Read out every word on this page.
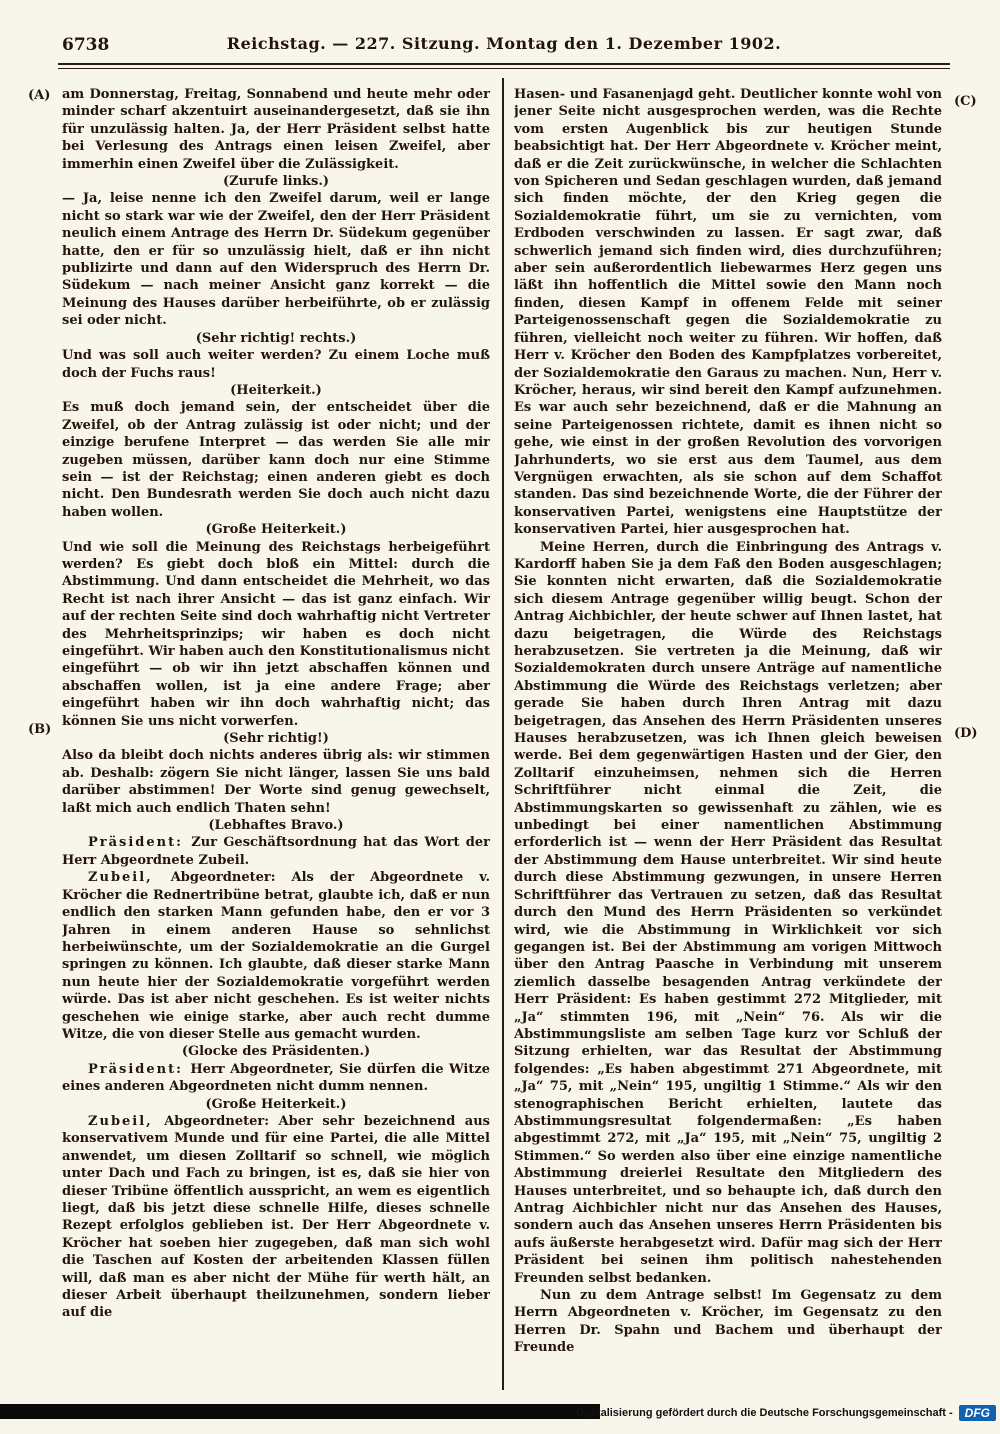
6738	Reichstag. — 227. Sitzung. Montag den 1. Dezember 1902.
(A)
(B)
(C)
(D)

am Donnerstag, Freitag, Sonnabend und heute mehr oder minder scharf akzentuirt auseinandergesetzt, daß sie ihn für unzulässig halten. Ja, der Herr Präsident selbst hatte bei Verlesung des Antrags einen leisen Zweifel, aber immerhin einen Zweifel über die Zulässigkeit.

(Zurufe links.)

— Ja, leise nenne ich den Zweifel darum, weil er lange nicht so stark war wie der Zweifel, den der Herr Präsident neulich einem Antrage des Herrn Dr. Südekum gegenüber hatte, den er für so unzulässig hielt, daß er ihn nicht publizirte und dann auf den Widerspruch des Herrn Dr. Südekum — nach meiner Ansicht ganz korrekt — die Meinung des Hauses darüber herbeiführte, ob er zulässig sei oder nicht.

(Sehr richtig! rechts.)

Und was soll auch weiter werden? Zu einem Loche muß doch der Fuchs raus!

(Heiterkeit.)

Es muß doch jemand sein, der entscheidet über die Zweifel, ob der Antrag zulässig ist oder nicht; und der einzige berufene Interpret — das werden Sie alle mir zugeben müssen, darüber kann doch nur eine Stimme sein — ist der Reichstag; einen anderen giebt es doch nicht. Den Bundesrath werden Sie doch auch nicht dazu haben wollen.

(Große Heiterkeit.)

Und wie soll die Meinung des Reichstags herbeigeführt werden? Es giebt doch bloß ein Mittel: durch die Abstimmung. Und dann entscheidet die Mehrheit, wo das Recht ist nach ihrer Ansicht — das ist ganz einfach. Wir auf der rechten Seite sind doch wahrhaftig nicht Vertreter des Mehrheitsprinzips; wir haben es doch nicht eingeführt. Wir haben auch den Konstitutionalismus nicht eingeführt — ob wir ihn jetzt abschaffen können und abschaffen wollen, ist ja eine andere Frage; aber eingeführt haben wir ihn doch wahrhaftig nicht; das können Sie uns nicht vorwerfen.

(Sehr richtig!)

Also da bleibt doch nichts anderes übrig als: wir stimmen ab. Deshalb: zögern Sie nicht länger, lassen Sie uns bald darüber abstimmen! Der Worte sind genug gewechselt, laßt mich auch endlich Thaten sehn!

(Lebhaftes Bravo.)

Präsident: Zur Geschäftsordnung hat das Wort der Herr Abgeordnete Zubeil.

Zubeil, Abgeordneter: Als der Abgeordnete v. Kröcher die Rednertribüne betrat, glaubte ich, daß er nun endlich den starken Mann gefunden habe, den er vor 3 Jahren in einem anderen Hause so sehnlichst herbeiwünschte, um der Sozialdemokratie an die Gurgel springen zu können. Ich glaubte, daß dieser starke Mann nun heute hier der Sozialdemokratie vorgeführt werden würde. Das ist aber nicht geschehen. Es ist weiter nichts geschehen wie einige starke, aber auch recht dumme Witze, die von dieser Stelle aus gemacht wurden.

(Glocke des Präsidenten.)

Präsident: Herr Abgeordneter, Sie dürfen die Witze eines anderen Abgeordneten nicht dumm nennen.

(Große Heiterkeit.)

Zubeil, Abgeordneter: Aber sehr bezeichnend aus konservativem Munde und für eine Partei, die alle Mittel anwendet, um diesen Zolltarif so schnell, wie möglich unter Dach und Fach zu bringen, ist es, daß sie hier von dieser Tribüne öffentlich ausspricht, an wem es eigentlich liegt, daß bis jetzt diese schnelle Hilfe, dieses schnelle Rezept erfolglos geblieben ist. Der Herr Abgeordnete v. Kröcher hat soeben hier zugegeben, daß man sich wohl die Taschen auf Kosten der arbeitenden Klassen füllen will, daß man es aber nicht der Mühe für werth hält, an dieser Arbeit überhaupt theilzunehmen, sondern lieber auf die

Hasen- und Fasanenjagd geht. Deutlicher konnte wohl von jener Seite nicht ausgesprochen werden, was die Rechte vom ersten Augenblick bis zur heutigen Stunde beabsichtigt hat. Der Herr Abgeordnete v. Kröcher meint, daß er die Zeit zurückwünsche, in welcher die Schlachten von Spicheren und Sedan geschlagen wurden, daß jemand sich finden möchte, der den Krieg gegen die Sozialdemokratie führt, um sie zu vernichten, vom Erdboden verschwinden zu lassen. Er sagt zwar, daß schwerlich jemand sich finden wird, dies durchzuführen; aber sein außerordentlich liebewarmes Herz gegen uns läßt ihn hoffentlich die Mittel sowie den Mann noch finden, diesen Kampf in offenem Felde mit seiner Parteigenossenschaft gegen die Sozialdemokratie zu führen, vielleicht noch weiter zu führen. Wir hoffen, daß Herr v. Kröcher den Boden des Kampfplatzes vorbereitet, der Sozialdemokratie den Garaus zu machen. Nun, Herr v. Kröcher, heraus, wir sind bereit den Kampf aufzunehmen. Es war auch sehr bezeichnend, daß er die Mahnung an seine Parteigenossen richtete, damit es ihnen nicht so gehe, wie einst in der großen Revolution des vorvorigen Jahrhunderts, wo sie erst aus dem Taumel, aus dem Vergnügen erwachten, als sie schon auf dem Schaffot standen. Das sind bezeichnende Worte, die der Führer der konservativen Partei, wenigstens eine Hauptstütze der konservativen Partei, hier ausgesprochen hat.

Meine Herren, durch die Einbringung des Antrags v. Kardorff haben Sie ja dem Faß den Boden ausgeschlagen; Sie konnten nicht erwarten, daß die Sozialdemokratie sich diesem Antrage gegenüber willig beugt. Schon der Antrag Aichbichler, der heute schwer auf Ihnen lastet, hat dazu beigetragen, die Würde des Reichstags herabzusetzen. Sie vertreten ja die Meinung, daß wir Sozialdemokraten durch unsere Anträge auf namentliche Abstimmung die Würde des Reichstags verletzen; aber gerade Sie haben durch Ihren Antrag mit dazu beigetragen, das Ansehen des Herrn Präsidenten unseres Hauses herabzusetzen, was ich Ihnen gleich beweisen werde. Bei dem gegenwärtigen Hasten und der Gier, den Zolltarif einzuheimsen, nehmen sich die Herren Schriftführer nicht einmal die Zeit, die Abstimmungskarten so gewissenhaft zu zählen, wie es unbedingt bei einer namentlichen Abstimmung erforderlich ist — wenn der Herr Präsident das Resultat der Abstimmung dem Hause unterbreitet. Wir sind heute durch diese Abstimmung gezwungen, in unsere Herren Schriftführer das Vertrauen zu setzen, daß das Resultat durch den Mund des Herrn Präsidenten so verkündet wird, wie die Abstimmung in Wirklichkeit vor sich gegangen ist. Bei der Abstimmung am vorigen Mittwoch über den Antrag Paasche in Verbindung mit unserem ziemlich dasselbe besagenden Antrag verkündete der Herr Präsident: Es haben gestimmt 272 Mitglieder, mit „Ja“ stimmten 196, mit „Nein“ 76. Als wir die Abstimmungsliste am selben Tage kurz vor Schluß der Sitzung erhielten, war das Resultat der Abstimmung folgendes: „Es haben abgestimmt 271 Abgeordnete, mit „Ja“ 75, mit „Nein“ 195, ungiltig 1 Stimme.“ Als wir den stenographischen Bericht erhielten, lautete das Abstimmungsresultat folgendermaßen: „Es haben abgestimmt 272, mit „Ja“ 195, mit „Nein“ 75, ungiltig 2 Stimmen.“ So werden also über eine einzige namentliche Abstimmung dreierlei Resultate den Mitgliedern des Hauses unterbreitet, und so behaupte ich, daß durch den Antrag Aichbichler nicht nur das Ansehen des Hauses, sondern auch das Ansehen unseres Herrn Präsidenten bis aufs äußerste herabgesetzt wird. Dafür mag sich der Herr Präsident bei seinen ihm politisch nahestehenden Freunden selbst bedanken.

Nun zu dem Antrage selbst! Im Gegensatz zu dem Herrn Abgeordneten v. Kröcher, im Gegensatz zu den Herren Dr. Spahn und Bachem und überhaupt der Freunde

Digitalisierung gefördert durch die Deutsche Forschungsgemeinschaft -	DFG
